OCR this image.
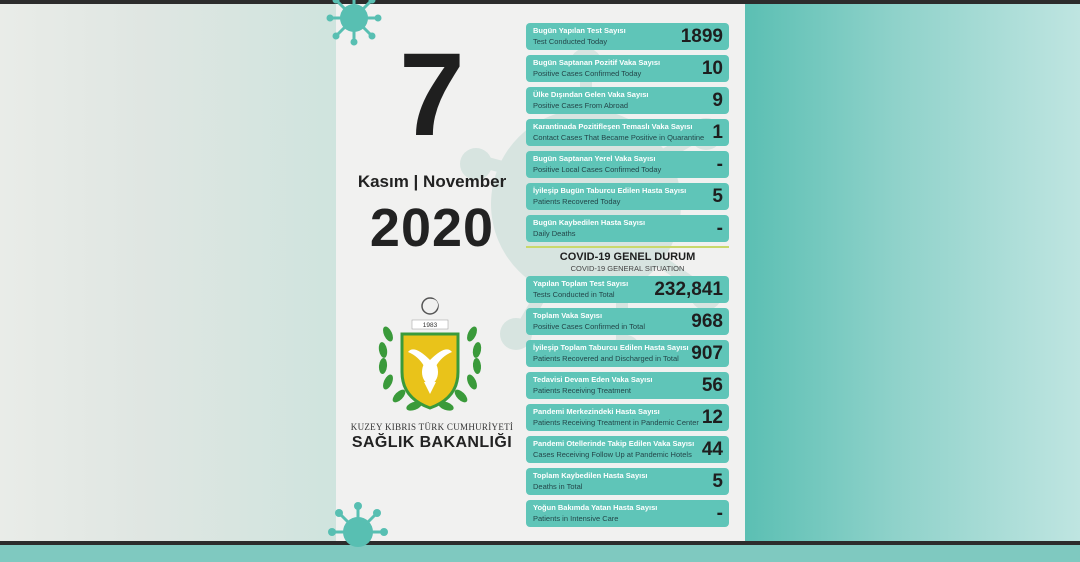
7
Kasım | November
2020
1983
KUZEY KIBRIS TÜRK CUMHURİYETİ
SAĞLIK BAKANLIĞI
Bugün Yapılan Test Sayısı
Test Conducted Today	1899
Bugün Saptanan Pozitif Vaka Sayısı
Positive Cases Confirmed Today	10
Ülke Dışından Gelen Vaka Sayısı
Positive Cases From Abroad	9
Karantinada Pozitifleşen Temaslı Vaka Sayısı
Contact Cases That Became Positive in Quarantine 1
Bugün Saptanan Yerel Vaka Sayısı
Positive Local Cases Confirmed Today	-
İyileşip Bugün Taburcu Edilen Hasta Sayısı
Patients Recovered Today	5
Bugün Kaybedilen Hasta Sayısı
Daily Deaths	-
COVID-19 GENEL DURUM
COVID-19 GENERAL SITUATION
Yapılan Toplam Test Sayısı
Tests Conducted in Total	232,841
Toplam Vaka Sayısı
Positive Cases Confirmed in Total	968
İyileşip Toplam Taburcu Edilen Hasta Sayısı
Patients Recovered and Discharged in Total 907
Tedavisi Devam Eden Vaka Sayısı
Patients Receiving Treatment	56
Pandemi Merkezindeki Hasta Sayısı
Patients Receiving Treatment in Pandemic Center 12
Pandemi Otellerinde Takip Edilen Vaka Sayısı
Cases Receiving Follow Up at Pandemic Hotels 44
Toplam Kaybedilen Hasta Sayısı
Deaths in Total	5
Yoğun Bakımda Yatan Hasta Sayısı
Patients in Intensive Care	-
